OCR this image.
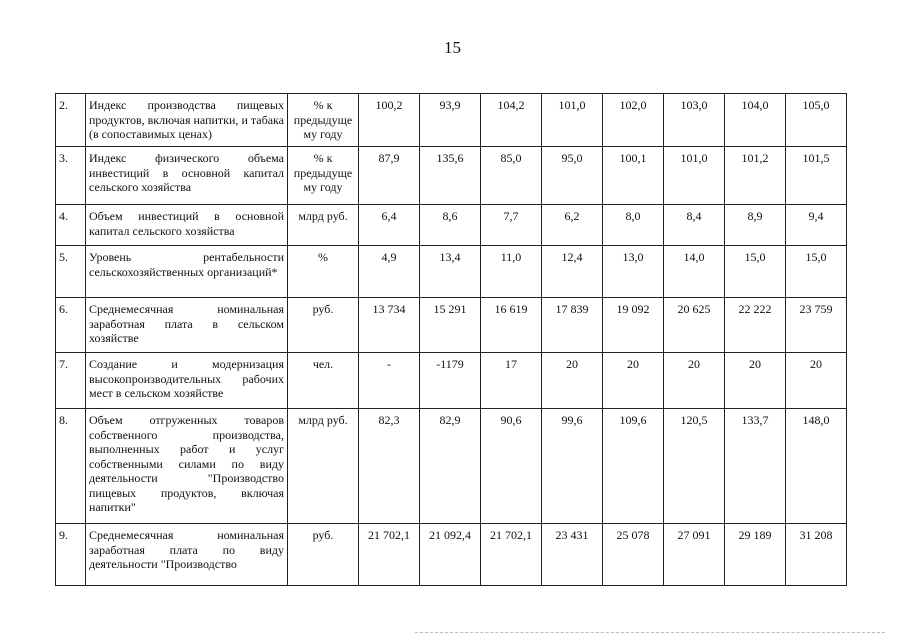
15
2.	Индекс производства пищевых продуктов, включая напитки, и табака (в сопоставимых ценах)	% к предыдуще му году	100,2	93,9	104,2	101,0	102,0	103,0	104,0	105,0
3.	Индекс физического объема инвестиций в основной капитал сельского хозяйства	% к предыдуще му году	87,9	135,6	85,0	95,0	100,1	101,0	101,2	101,5
4.	Объем инвестиций в основной капитал сельского хозяйства	млрд руб.	6,4	8,6	7,7	6,2	8,0	8,4	8,9	9,4
5.	Уровень рентабельности сельскохозяйственных организаций*	%	4,9	13,4	11,0	12,4	13,0	14,0	15,0	15,0
6.	Среднемесячная номинальная заработная плата в сельском хозяйстве	руб.	13 734	15 291	16 619	17 839	19 092	20 625	22 222	23 759
7.	Создание и модернизация высокопроизводительных рабочих мест в сельском хозяйстве	чел.	-	-1179	17	20	20	20	20	20
8.	Объем отгруженных товаров собственного производства, выполненных работ и услуг собственными силами по виду деятельности "Производство пищевых продуктов, включая напитки"	млрд руб.	82,3	82,9	90,6	99,6	109,6	120,5	133,7	148,0
9.	Среднемесячная номинальная заработная плата по виду деятельности "Производство	руб.	21 702,1	21 092,4	21 702,1	23 431	25 078	27 091	29 189	31 208
